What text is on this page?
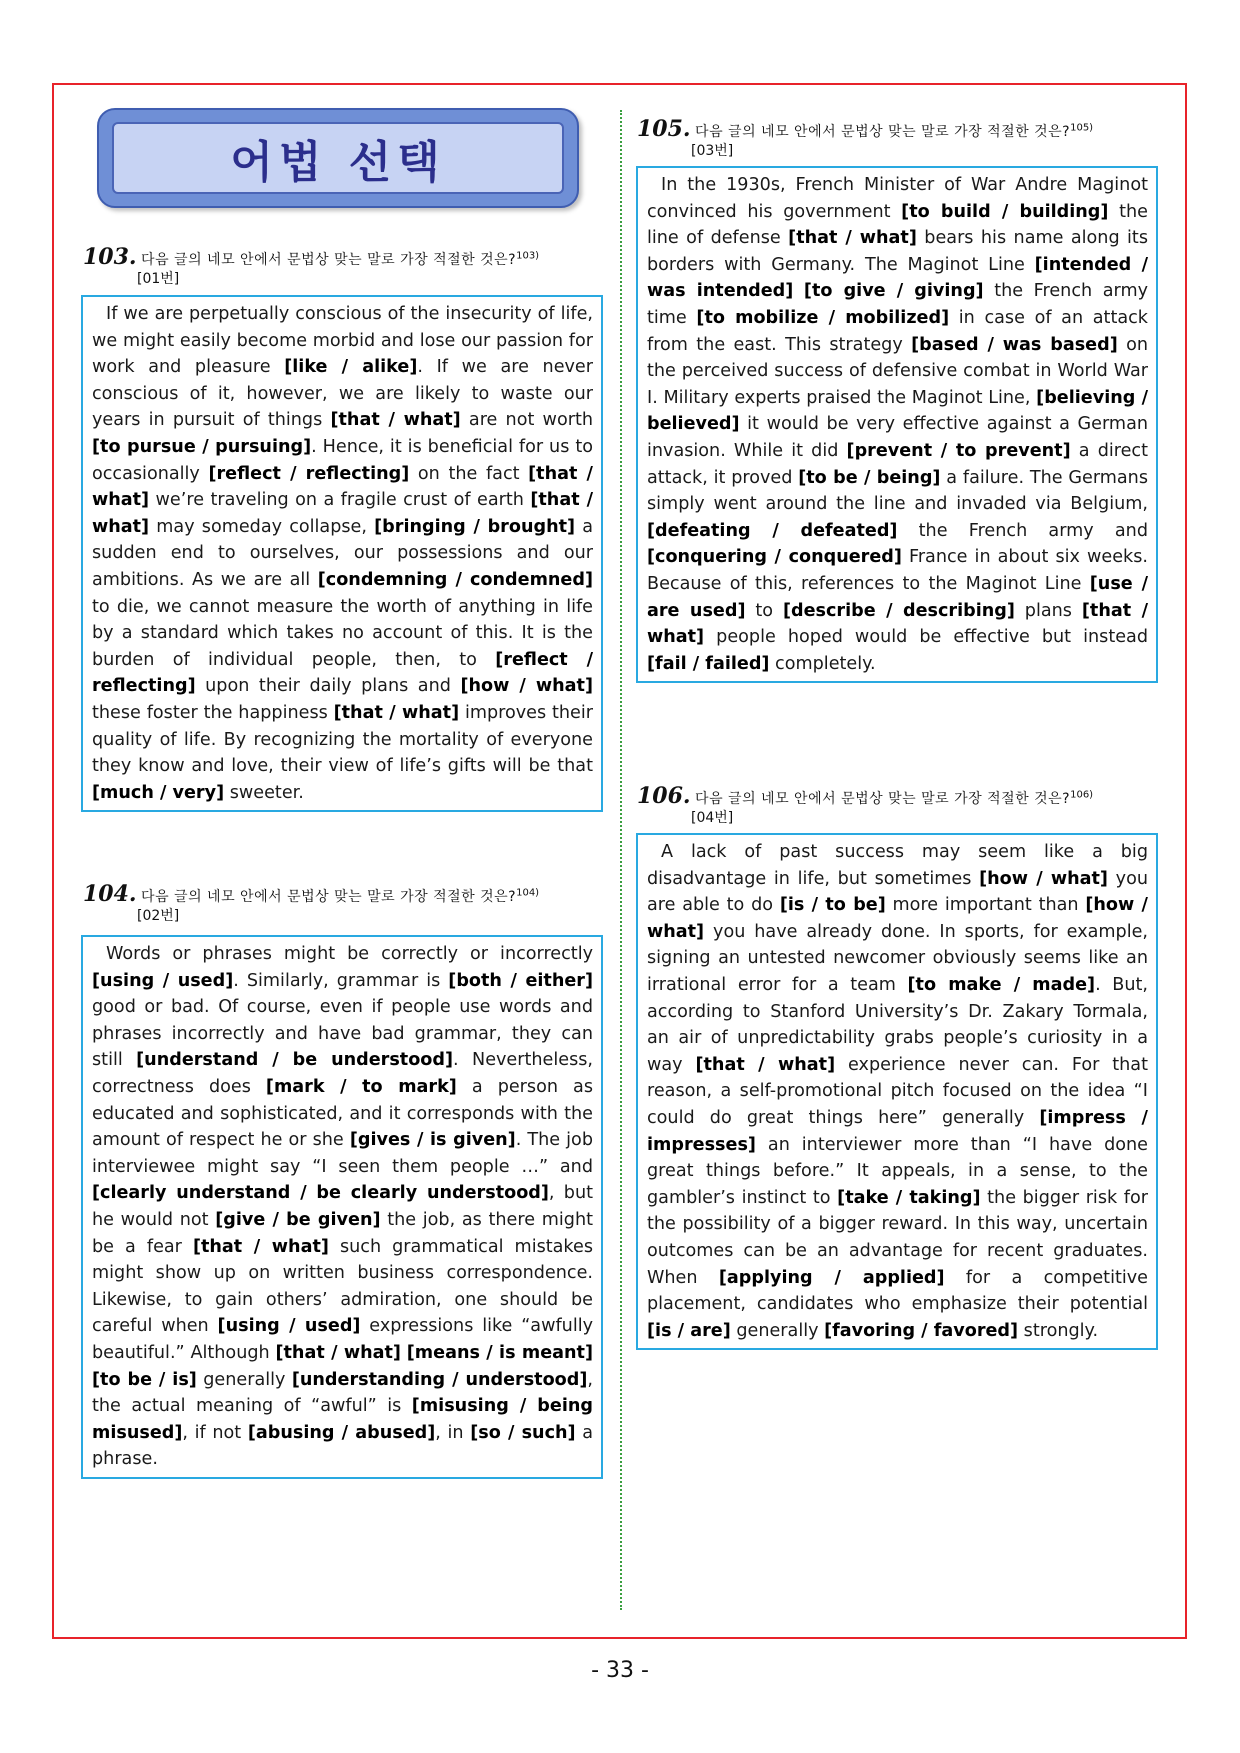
어법 선택
103. 다음 글의 네모 안에서 문법상 맞는 말로 가장 적절한 것은?$^{103)}$
[01번]

If we are perpetually conscious of the insecurity of life, we might easily become morbid and lose our passion for work and pleasure [like / alike]. If we are never conscious of it, however, we are likely to waste our years in pursuit of things [that / what] are not worth [to pursue / pursuing]. Hence, it is beneficial for us to occasionally [reflect / reflecting] on the fact [that / what] we’re traveling on a fragile crust of earth [that / what] may someday collapse, [bringing / brought] a sudden end to ourselves, our possessions and our ambitions. As we are all [condemning / condemned] to die, we cannot measure the worth of anything in life by a standard which takes no account of this. It is the burden of individual people, then, to [reflect / reflecting] upon their daily plans and [how / what] these foster the happiness [that / what] improves their quality of life. By recognizing the mortality of everyone they know and love, their view of life’s gifts will be that [much / very] sweeter.

104. 다음 글의 네모 안에서 문법상 맞는 말로 가장 적절한 것은?$^{104)}$
[02번]

Words or phrases might be correctly or incorrectly [using / used]. Similarly, grammar is [both / either] good or bad. Of course, even if people use words and phrases incorrectly and have bad grammar, they can still [understand / be understood]. Nevertheless, correctness does [mark / to mark] a person as educated and sophisticated, and it corresponds with the amount of respect he or she [gives / is given]. The job interviewee might say “I seen them people …” and [clearly understand / be clearly understood], but he would not [give / be given] the job, as there might be a fear [that / what] such grammatical mistakes might show up on written business correspondence. Likewise, to gain others’ admiration, one should be careful when [using / used] expressions like “awfully beautiful.” Although [that / what] [means / is meant] [to be / is] generally [understanding / understood], the actual meaning of “awful” is [misusing / being misused], if not [abusing / abused], in [so / such] a phrase.

105. 다음 글의 네모 안에서 문법상 맞는 말로 가장 적절한 것은?$^{105)}$
[03번]

In the 1930s, French Minister of War Andre Maginot convinced his government [to build / building] the line of defense [that / what] bears his name along its borders with Germany. The Maginot Line [intended / was intended] [to give / giving] the French army time [to mobilize / mobilized] in case of an attack from the east. This strategy [based / was based] on the perceived success of defensive combat in World War I. Military experts praised the Maginot Line, [believing / believed] it would be very effective against a German invasion. While it did [prevent / to prevent] a direct attack, it proved [to be / being] a failure. The Germans simply went around the line and invaded via Belgium, [defeating / defeated] the French army and [conquering / conquered] France in about six weeks. Because of this, references to the Maginot Line [use / are used] to [describe / describing] plans [that / what] people hoped would be effective but instead [fail / failed] completely.

106. 다음 글의 네모 안에서 문법상 맞는 말로 가장 적절한 것은?$^{106)}$
[04번]

A lack of past success may seem like a big disadvantage in life, but sometimes [how / what] you are able to do [is / to be] more important than [how / what] you have already done. In sports, for example, signing an untested newcomer obviously seems like an irrational error for a team [to make / made]. But, according to Stanford University’s Dr. Zakary Tormala, an air of unpredictability grabs people’s curiosity in a way [that / what] experience never can. For that reason, a self-promotional pitch focused on the idea “I could do great things here” generally [impress / impresses] an interviewer more than “I have done great things before.” It appeals, in a sense, to the gambler’s instinct to [take / taking] the bigger risk for the possibility of a bigger reward. In this way, uncertain outcomes can be an advantage for recent graduates. When [applying / applied] for a competitive placement, candidates who emphasize their potential [is / are] generally [favoring / favored] strongly.

- 33 -
